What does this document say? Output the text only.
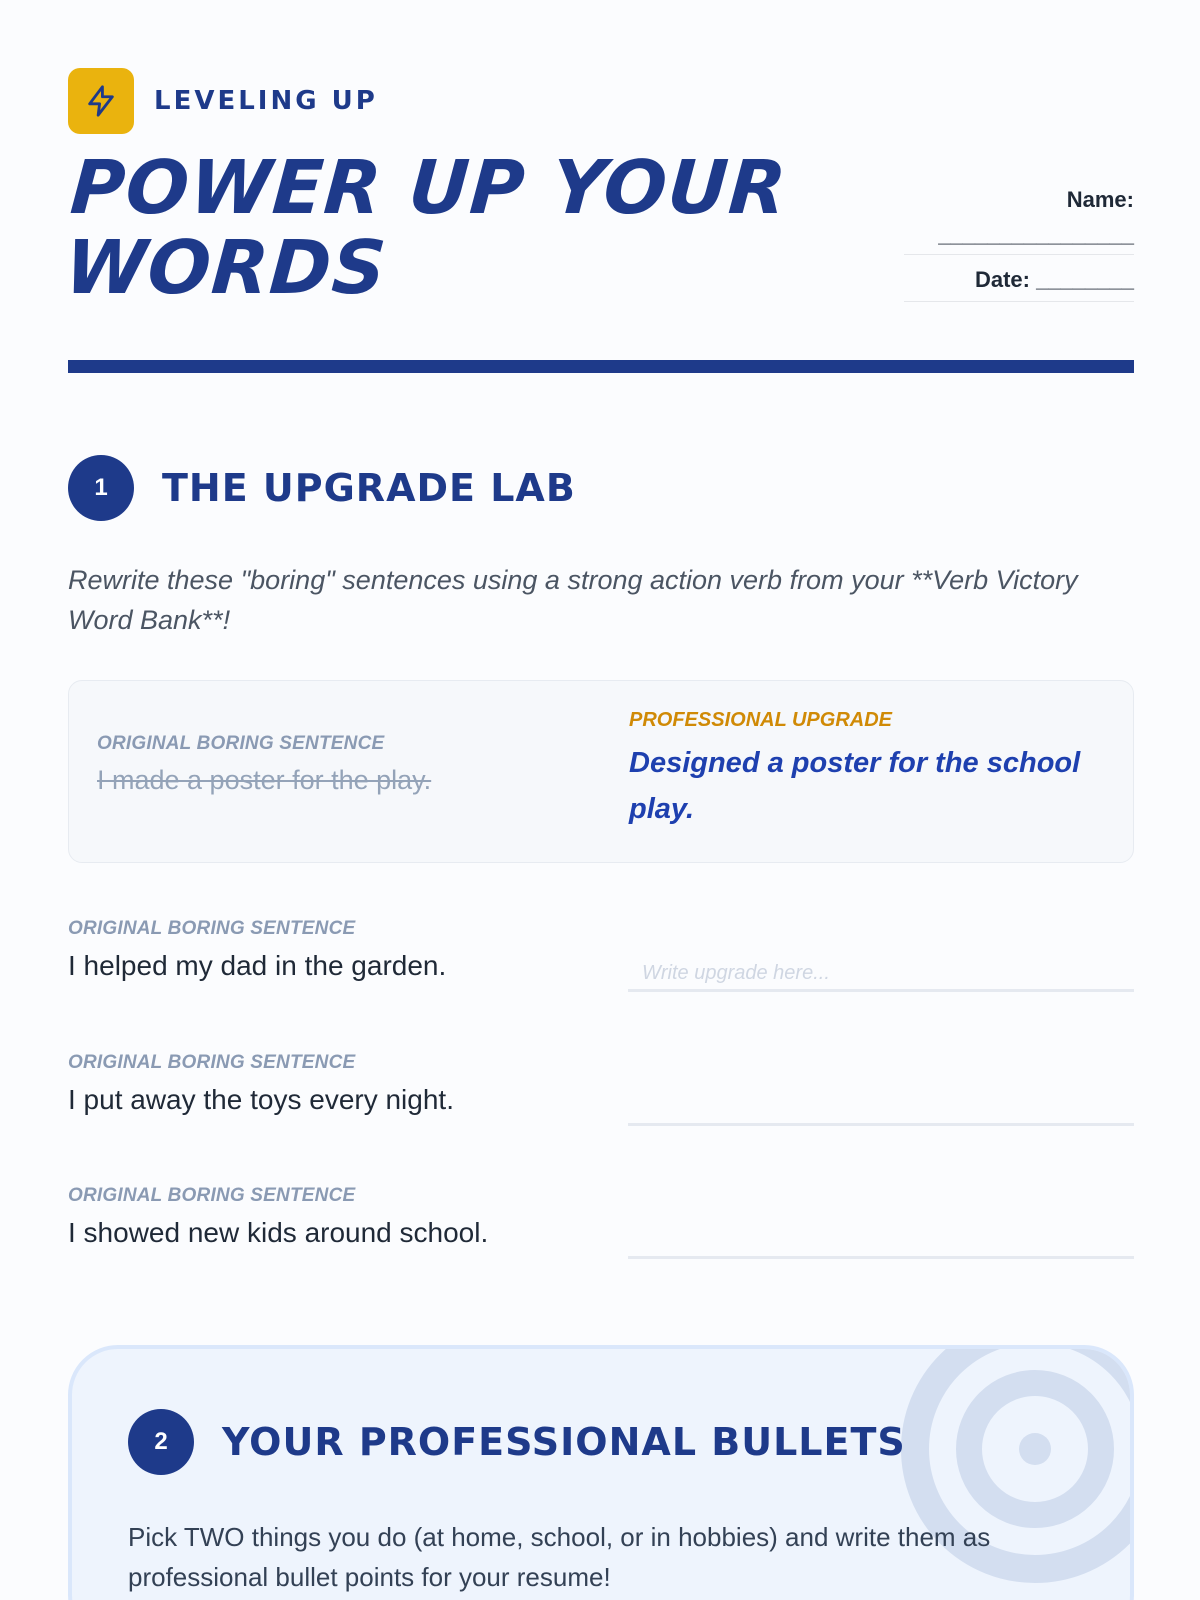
LEVELING UP
POWER UP YOUR
WORDS
Name:
________________
Date: ________
1	THE UPGRADE LAB
Rewrite these "boring" sentences using a strong action verb from your **Verb Victory Word Bank**!
ORIGINAL BORING SENTENCE
I made a poster for the play.
PROFESSIONAL UPGRADE
Designed a poster for the school play.
ORIGINAL BORING SENTENCE
I helped my dad in the garden.	Write upgrade here...
ORIGINAL BORING SENTENCE
I put away the toys every night.
ORIGINAL BORING SENTENCE
I showed new kids around school.
2	YOUR PROFESSIONAL BULLETS
Pick TWO things you do (at home, school, or in hobbies) and write them as professional bullet points for your resume!
